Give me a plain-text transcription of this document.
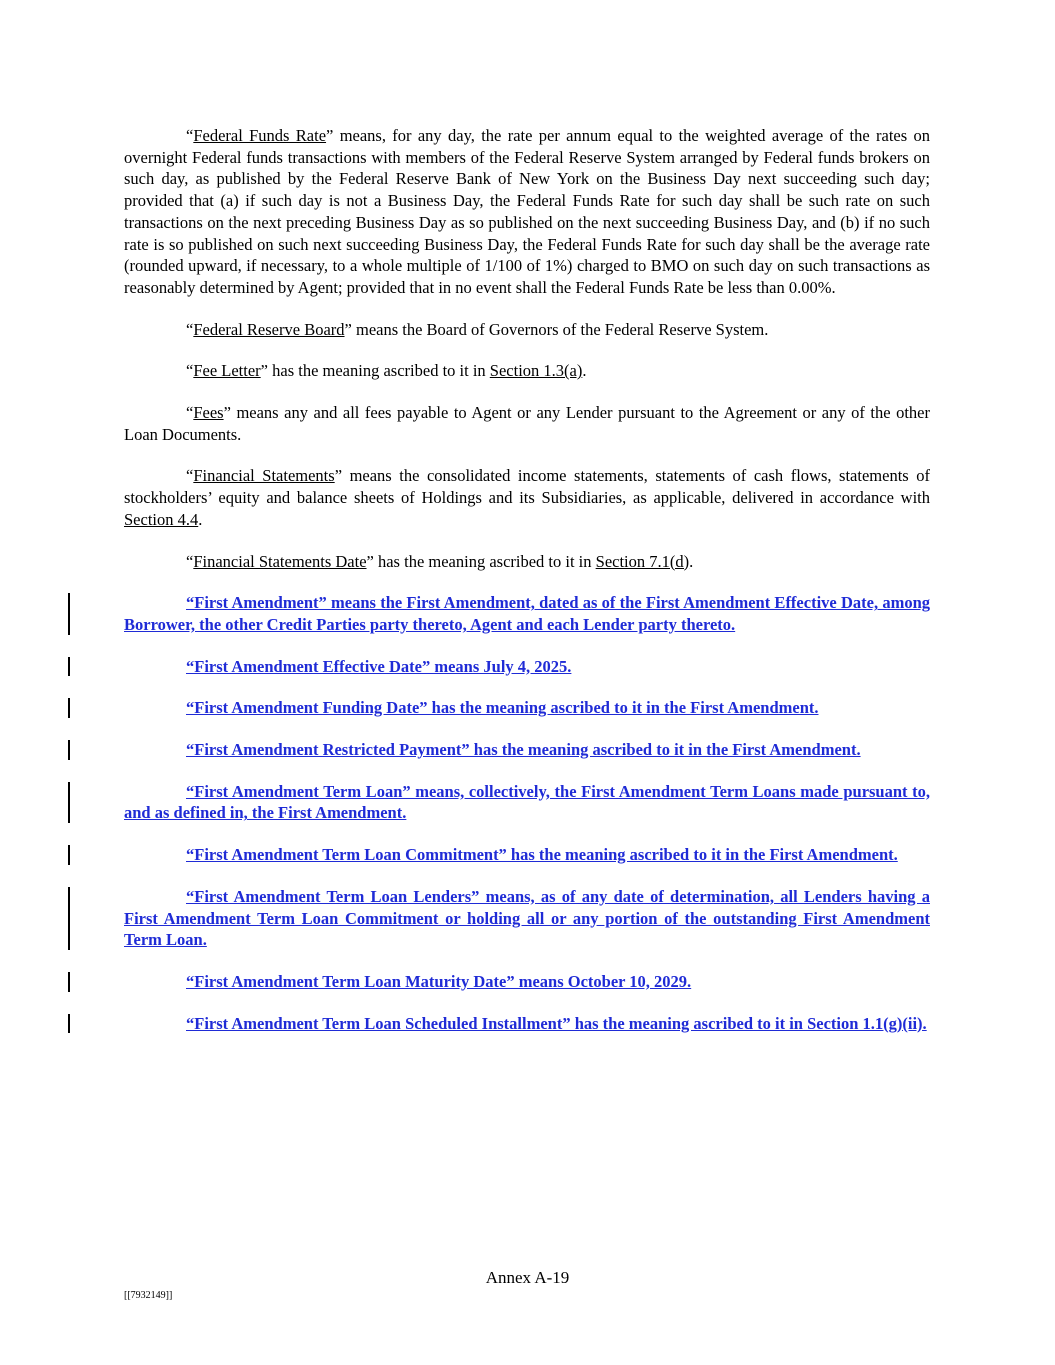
“Federal Funds Rate” means, for any day, the rate per annum equal to the weighted average of the rates on overnight Federal funds transactions with members of the Federal Reserve System arranged by Federal funds brokers on such day, as published by the Federal Reserve Bank of New York on the Business Day next succeeding such day; provided that (a) if such day is not a Business Day, the Federal Funds Rate for such day shall be such rate on such transactions on the next preceding Business Day as so published on the next succeeding Business Day, and (b) if no such rate is so published on such next succeeding Business Day, the Federal Funds Rate for such day shall be the average rate (rounded upward, if necessary, to a whole multiple of 1/100 of 1%) charged to BMO on such day on such transactions as reasonably determined by Agent; provided that in no event shall the Federal Funds Rate be less than 0.00%.

“Federal Reserve Board” means the Board of Governors of the Federal Reserve System.

“Fee Letter” has the meaning ascribed to it in Section 1.3(a).

“Fees” means any and all fees payable to Agent or any Lender pursuant to the Agreement or any of the other Loan Documents.

“Financial Statements” means the consolidated income statements, statements of cash flows, statements of stockholders’ equity and balance sheets of Holdings and its Subsidiaries, as applicable, delivered in accordance with Section 4.4.

“Financial Statements Date” has the meaning ascribed to it in Section 7.1(d).

“First Amendment” means the First Amendment, dated as of the First Amendment Effective Date, among Borrower, the other Credit Parties party thereto, Agent and each Lender party thereto.

“First Amendment Effective Date” means July 4, 2025.

“First Amendment Funding Date” has the meaning ascribed to it in the First Amendment.

“First Amendment Restricted Payment” has the meaning ascribed to it in the First Amendment.

“First Amendment Term Loan” means, collectively, the First Amendment Term Loans made pursuant to, and as defined in, the First Amendment.

“First Amendment Term Loan Commitment” has the meaning ascribed to it in the First Amendment.

“First Amendment Term Loan Lenders” means, as of any date of determination, all Lenders having a First Amendment Term Loan Commitment or holding all or any portion of the outstanding First Amendment Term Loan.

“First Amendment Term Loan Maturity Date” means October 10, 2029.

“First Amendment Term Loan Scheduled Installment” has the meaning ascribed to it in Section 1.1(g)(ii).

Annex A-19
[[7932149]]
